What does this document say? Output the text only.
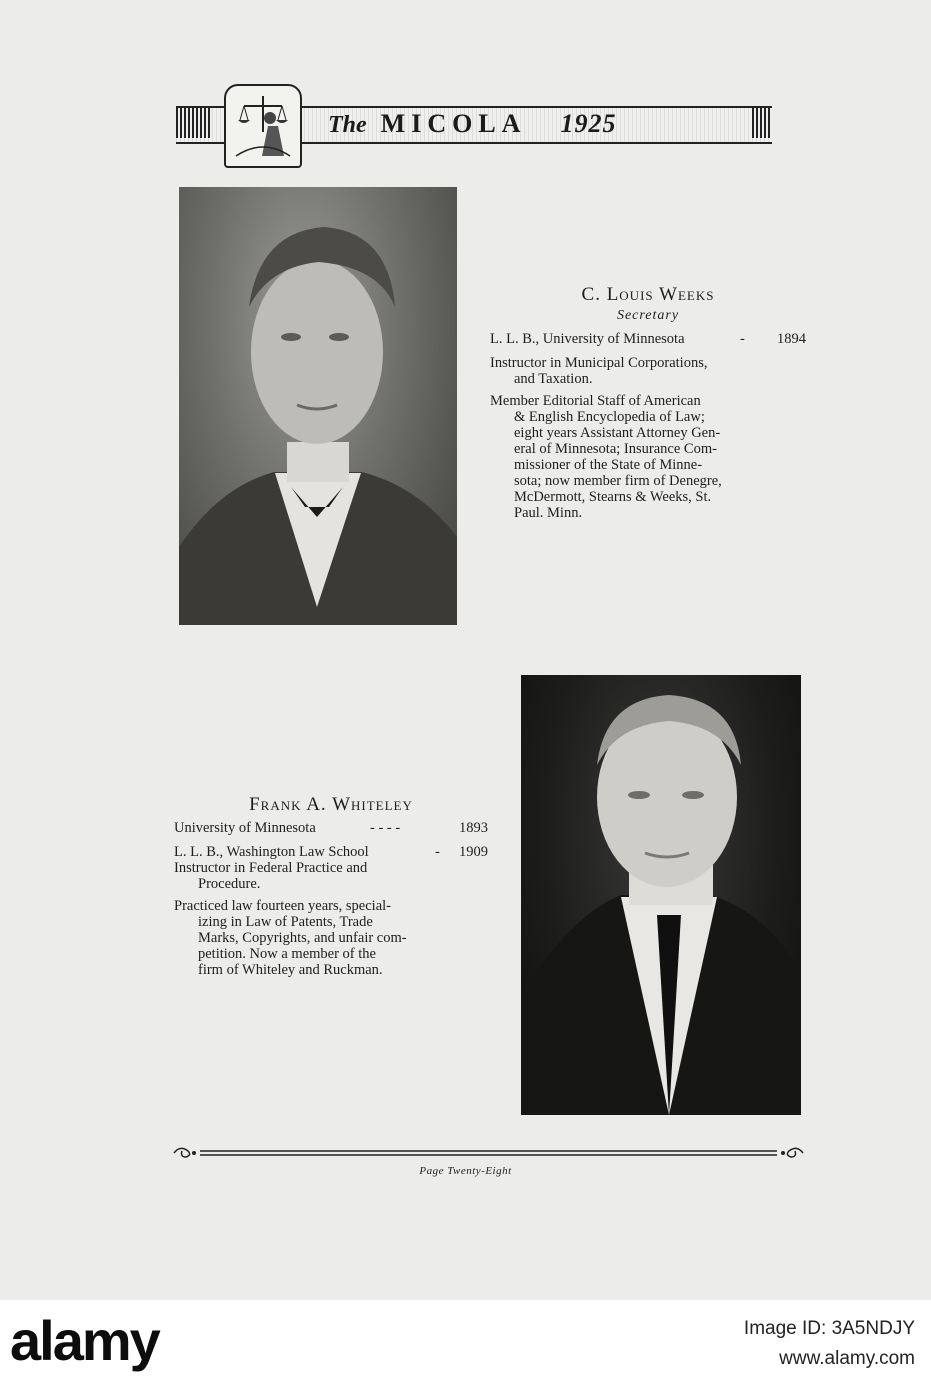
The MICOLA 1925
C. Louis Weeks
Secretary
L. L. B., University of Minnesota	- 1894
Instructor in Municipal Corporations,
and Taxation.
Member Editorial Staff of American
& English Encyclopedia of Law;
eight years Assistant Attorney Gen-
eral of Minnesota; Insurance Com-
missioner of the State of Minne-
sota; now member firm of Denegre,
McDermott, Stearns & Weeks, St.
Paul. Minn.
Frank A. Whiteley
University of Minnesota	- - - -	1893
L. L. B., Washington Law School	- 1909
Instructor in Federal Practice and
Procedure.
Practiced law fourteen years, special-
izing in Law of Patents, Trade
Marks, Copyrights, and unfair com-
petition. Now a member of the
firm of Whiteley and Ruckman.
Page Twenty-Eight
alamy	Image ID: 3A5NDJY
www.alamy.com
